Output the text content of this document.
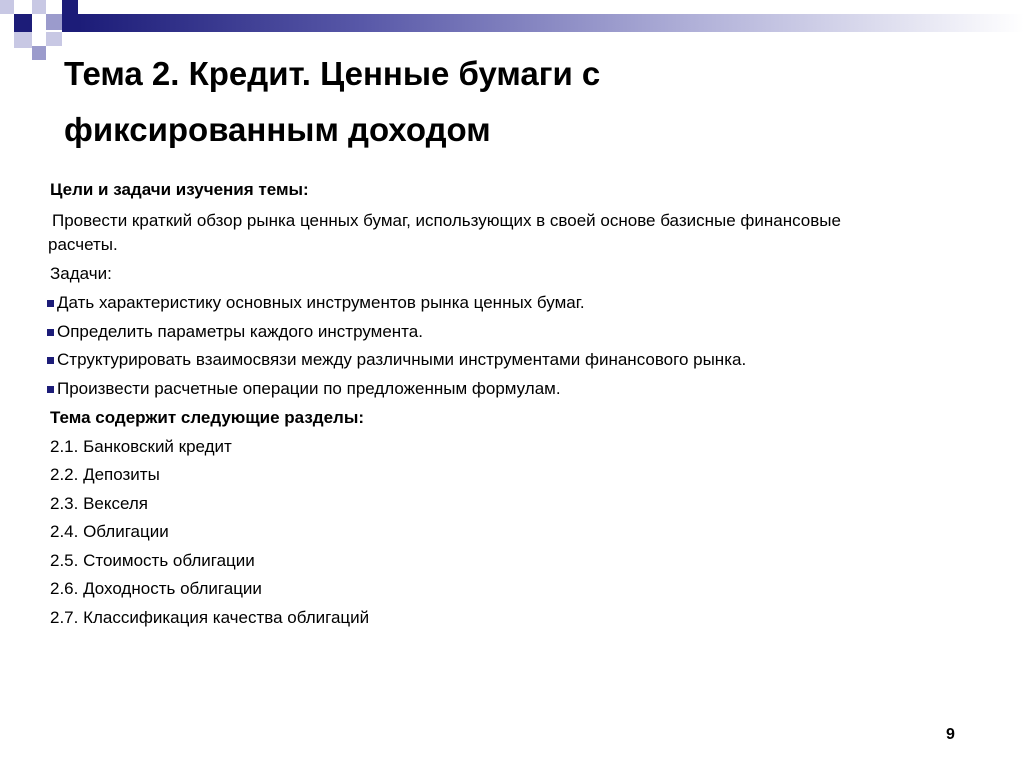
Тема 2. Кредит. Ценные бумаги с
фиксированным доходом
Цели и задачи изучения темы:
Провести краткий обзор рынка ценных бумаг, использующих в своей основе базисные финансовые
расчеты.
Задачи:
Дать характеристику основных инструментов рынка ценных бумаг.
Определить параметры каждого инструмента.
Структурировать взаимосвязи между различными инструментами финансового рынка.
Произвести расчетные операции по предложенным формулам.
Тема содержит следующие разделы:
2.1. Банковский кредит
2.2. Депозиты
2.3. Векселя
2.4. Облигации
2.5. Стоимость облигации
2.6. Доходность облигации
2.7. Классификация качества облигаций
9
